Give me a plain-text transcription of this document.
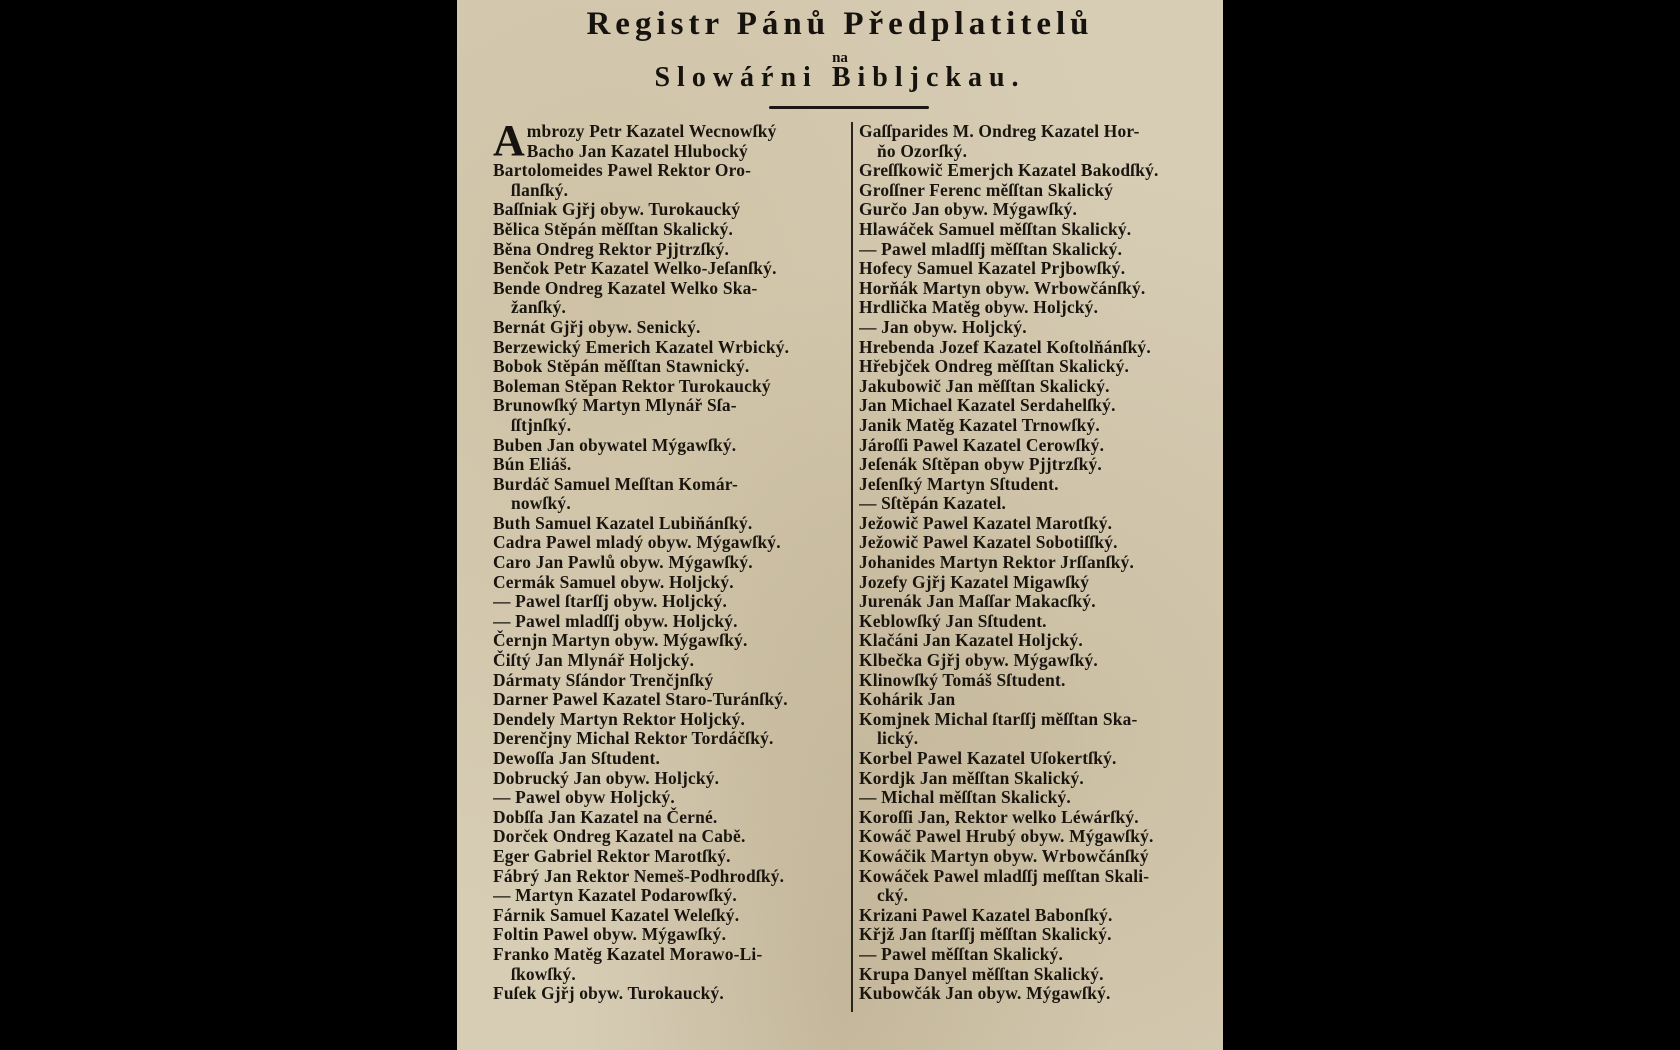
Registr Pánů Předplatitelů
na
Slowáŕni Bibljckau.
A mbrozy Petr Kazatel Wecnowſký
Bacho Jan Kazatel Hlubocký
Bartolomeides Pawel Rektor Oro-
ſlanſký.
Baſſniak Gjřj obyw. Turokaucký
Bělica Stěpán měſſtan Skalický.
Běna Ondreg Rektor Pјjtrzſký.
Benčok Petr Kazatel Welko-Jeſanſký.
Bende Ondreg Kazatel Welko Ska-
žanſký.
Bernát Gjřj obyw. Senický.
Berzewický Emerich Kazatel Wrbický.
Bobok Stěpán měſſtan Stawnický.
Boleman Stěpan Rektor Turokaucký
Brunowſký Martyn Mlynář Sſa-
ſſtjnſký.
Buben Jan obywatel Mýgawſký.
Bún Eliáš.
Burdáč Samuel Meſſtan Komár-
nowſký.
Buth Samuel Kazatel Lubiňánſký.
Cadra Pawel mladý obyw. Mýgawſký.
Caro Jan Pawlů obyw. Mýgawſký.
Cermák Samuel obyw. Holjcký.
— Pawel ſtarſſj obyw. Holjcký.
— Pawel mladſſj obyw. Holjcký.
Černjn Martyn obyw. Mýgawſký.
Čiſtý Jan Mlynář Holjcký.
Dármaty Sſándor Trenčjnſký
Darner Pawel Kazatel Staro-Turánſký.
Dendely Martyn Rektor Holjcký.
Derenčjny Michal Rektor Tordáčſký.
Dewoſſa Jan Sſtudent.
Dobrucký Jan obyw. Holjcký.
— Pawel obyw Holjcký.
Dobſſa Jan Kazatel na Černé.
Dorček Ondreg Kazatel na Cabě.
Eger Gabriel Rektor Marotſký.
Fábrý Jan Rektor Nemeš-Podhrodſký.
— Martyn Kazatel Podarowſký.
Fárnik Samuel Kazatel Weleſký.
Foltin Pawel obyw. Mýgawſký.
Franko Matěg Kazatel Morawo-Li-
ſkowſký.
Fuſek Gjřj obyw. Turokaucký.
Gaſſparides M. Ondreg Kazatel Hor-
ňo Ozorſký.
Greſſkowič Emerjch Kazatel Bakodſký.
Groſſner Ferenc měſſtan Skalický
Gurčo Jan obyw. Mýgawſký.
Hlawáček Samuel měſſtan Skalický.
— Pawel mladſſj měſſtan Skalický.
Hofecy Samuel Kazatel Prjbowſký.
Horňák Martyn obyw. Wrbowčánſký.
Hrdlička Matěg obyw. Holjcký.
— Jan obyw. Holjcký.
Hrebenda Jozef Kazatel Koſtolňánſký.
Hřebjček Ondreg měſſtan Skalický.
Jakubowič Jan měſſtan Skalický.
Jan Michael Kazatel Serdahelſký.
Janik Matěg Kazatel Trnowſký.
Jároſſi Pawel Kazatel Cerowſký.
Jeſenák Sſtěpan obyw Pјjtrzſký.
Jeſenſký Martyn Sſtudent.
— Sſtěpán Kazatel.
Ježowič Pawel Kazatel Marotſký.
Ježowič Pawel Kazatel Sobotiſſký.
Johanides Martyn Rektor Jrſſanſký.
Jozefy Gjřj Kazatel Migawſký
Jurenák Jan Maſſar Makacſký.
Keblowſký Jan Sſtudent.
Klačáni Jan Kazatel Holjcký.
Klbečka Gjřj obyw. Mýgawſký.
Klinowſký Tomáš Sſtudent.
Kohárik Jan
Komjnek Michal ſtarſſj měſſtan Ska-
lický.
Korbel Pawel Kazatel Uſokertſký.
Kordjk Jan měſſtan Skalický.
— Michal měſſtan Skalický.
Koroſſi Jan, Rektor welko Léwárſký.
Kowáč Pawel Hrubý obyw. Mýgawſký.
Kowáčik Martyn obyw. Wrbowčánſký
Kowáček Pawel mladſſj meſſtan Skali-
cký.
Krizani Pawel Kazatel Babonſký.
Křjž Jan ſtarſſj měſſtan Skalický.
— Pawel měſſtan Skalický.
Krupa Danyel měſſtan Skalický.
Kubowčák Jan obyw. Mýgawſký.
